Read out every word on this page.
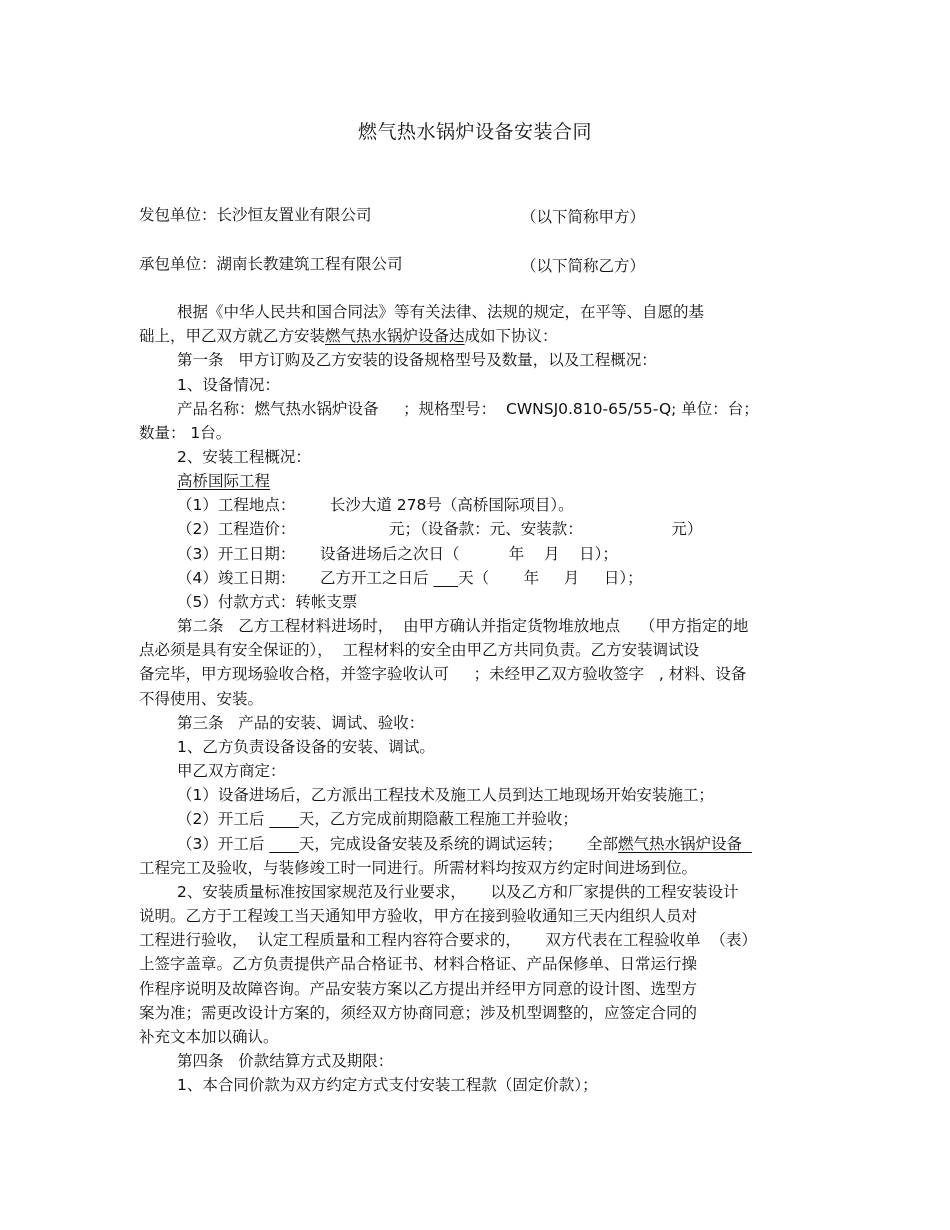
燃气热水锅炉设备安装合同
发包单位：长沙恒友置业有限公司	（以下简称甲方）
承包单位：湖南长教建筑工程有限公司	（以下简称乙方）
根据《中华人民共和国合同法》等有关法律、法规的规定，在平等、自愿的基
础上，甲乙双方就乙方安装燃气热水锅炉设备达成如下协议：
第一条   甲方订购及乙方安装的设备规格型号及数量，以及工程概况：
1、设备情况：
产品名称：燃气热水锅炉设备     ；规格型号：  CWNSJ0.810-65/55-Q; 单位：台；
数量： 1台。
2、安装工程概况：
高桥国际工程
（1）工程地点：       长沙大道 278号（高桥国际项目）。
（2）工程造价：                   元；（设备款：元、安装款：                  元）
（3）开工日期：     设备进场后之次日（          年    月    日）；
（4）竣工日期：     乙方开工之日后      天（       年     月     日）；
（5）付款方式：转帐支票
第二条   乙方工程材料进场时，  由甲方确认并指定货物堆放地点    （甲方指定的地
点必须是具有安全保证的），  工程材料的安全由甲乙方共同负责。乙方安装调试设
备完毕，甲方现场验收合格，并签字验收认可     ；未经甲乙双方验收签字   , 材料、设备
不得使用、安装。
第三条   产品的安装、调试、验收：
1、乙方负责设备设备的安装、调试。
甲乙双方商定：
（1）设备进场后，乙方派出工程技术及施工人员到达工地现场开始安装施工；
（2）开工后       天，乙方完成前期隐蔽工程施工并验收；
（3）开工后       天，完成设备安装及系统的调试运转；     全部燃气热水锅炉设备
工程完工及验收，与装修竣工时一同进行。所需材料均按双方约定时间进场到位。
2、安装质量标准按国家规范及行业要求，     以及乙方和厂家提供的工程安装设计
说明。乙方于工程竣工当天通知甲方验收，甲方在接到验收通知三天内组织人员对
工程进行验收，  认定工程质量和工程内容符合要求的，     双方代表在工程验收单  （表）
上签字盖章。乙方负责提供产品合格证书、材料合格证、产品保修单、日常运行操
作程序说明及故障咨询。产品安装方案以乙方提出并经甲方同意的设计图、选型方
案为准；需更改设计方案的，须经双方协商同意；涉及机型调整的，应签定合同的
补充文本加以确认。
第四条   价款结算方式及期限：
1、本合同价款为双方约定方式支付安装工程款（固定价款）；
